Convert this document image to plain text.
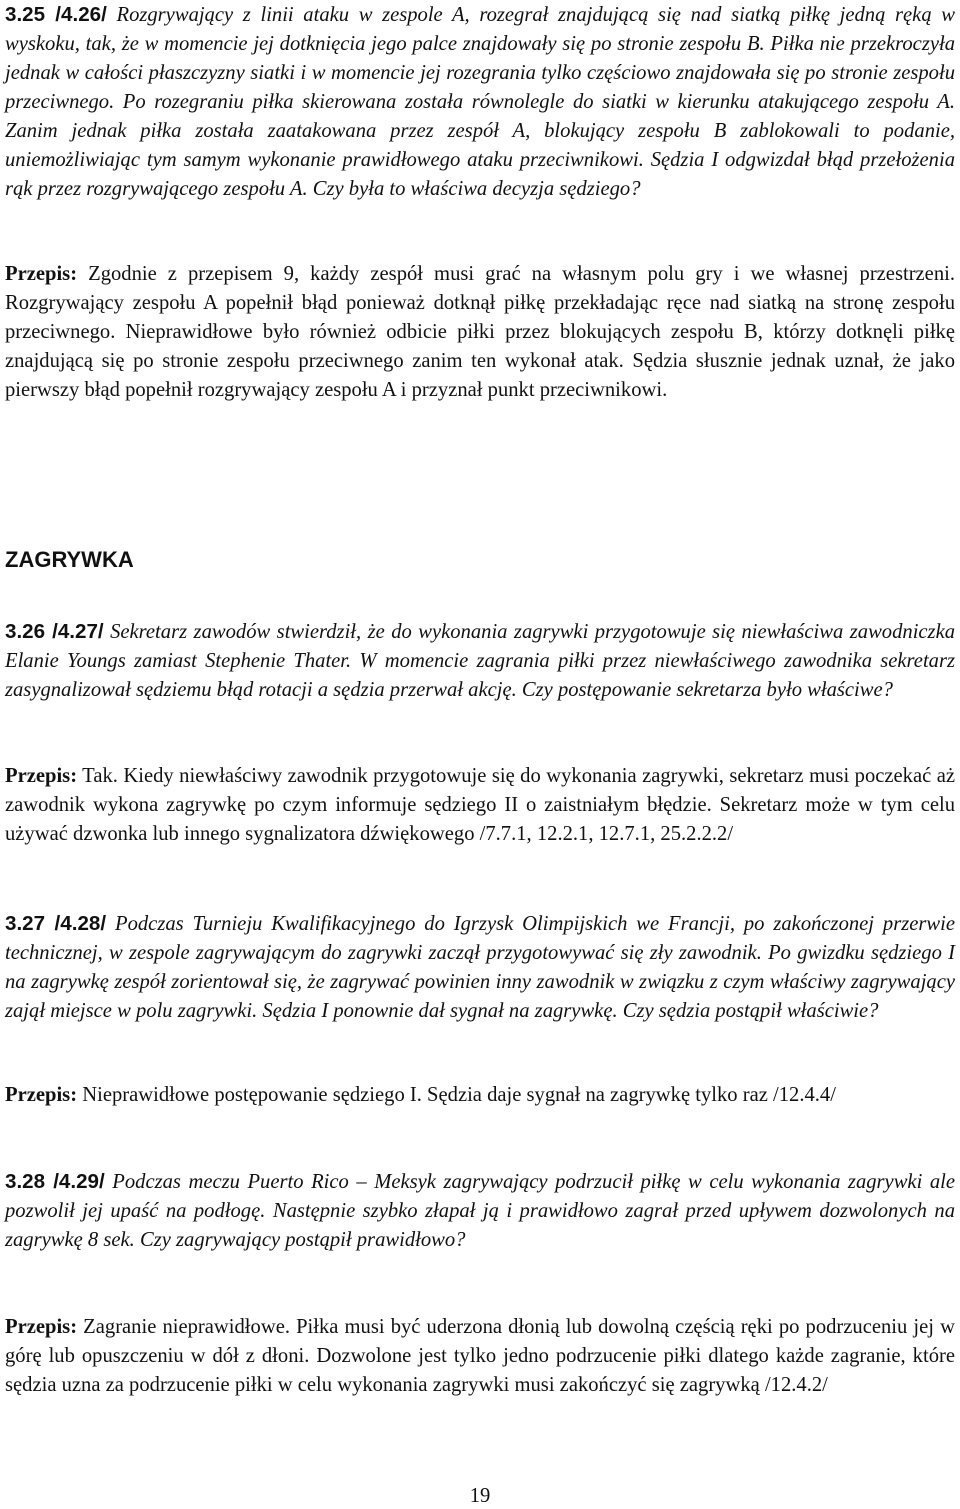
3.25 /4.26/ Rozgrywający z linii ataku w zespole A, rozegrał znajdującą się nad siatką piłkę jedną ręką w wyskoku, tak, że w momencie jej dotknięcia jego palce znajdowały się po stronie zespołu B. Piłka nie przekroczyła jednak w całości płaszczyzny siatki i w momencie jej rozegrania tylko częściowo znajdowała się po stronie zespołu przeciwnego. Po rozegraniu piłka skierowana została równolegle do siatki w kierunku atakującego zespołu A. Zanim jednak piłka została zaatakowana przez zespół A, blokujący zespołu B zablokowali to podanie, uniemożliwiając tym samym wykonanie prawidłowego ataku przeciwnikowi. Sędzia I odgwizdał błąd przełożenia rąk przez rozgrywającego zespołu A. Czy była to właściwa decyzja sędziego?

Przepis: Zgodnie z przepisem 9, każdy zespół musi grać na własnym polu gry i we własnej przestrzeni. Rozgrywający zespołu A popełnił błąd ponieważ dotknął piłkę przekładając ręce nad siatką na stronę zespołu przeciwnego. Nieprawidłowe było również odbicie piłki przez blokujących zespołu B, którzy dotknęli piłkę znajdującą się po stronie zespołu przeciwnego zanim ten wykonał atak. Sędzia słusznie jednak uznał, że jako pierwszy błąd popełnił rozgrywający zespołu A i przyznał punkt przeciwnikowi.

ZAGRYWKA

3.26 /4.27/ Sekretarz zawodów stwierdził, że do wykonania zagrywki przygotowuje się niewłaściwa zawodniczka Elanie Youngs zamiast Stephenie Thater. W momencie zagrania piłki przez niewłaściwego zawodnika sekretarz zasygnalizował sędziemu błąd rotacji a sędzia przerwał akcję. Czy postępowanie sekretarza było właściwe?

Przepis: Tak. Kiedy niewłaściwy zawodnik przygotowuje się do wykonania zagrywki, sekretarz musi poczekać aż zawodnik wykona zagrywkę po czym informuje sędziego II o zaistniałym błędzie. Sekretarz może w tym celu używać dzwonka lub innego sygnalizatora dźwiękowego /7.7.1, 12.2.1, 12.7.1, 25.2.2.2/

3.27 /4.28/ Podczas Turnieju Kwalifikacyjnego do Igrzysk Olimpijskich we Francji, po zakończonej przerwie technicznej, w zespole zagrywającym do zagrywki zaczął przygotowywać się zły zawodnik. Po gwizdku sędziego I na zagrywkę zespół zorientował się, że zagrywać powinien inny zawodnik w związku z czym właściwy zagrywający zajął miejsce w polu zagrywki. Sędzia I ponownie dał sygnał na zagrywkę. Czy sędzia postąpił właściwie?

Przepis: Nieprawidłowe postępowanie sędziego I. Sędzia daje sygnał na zagrywkę tylko raz /12.4.4/

3.28 /4.29/ Podczas meczu Puerto Rico – Meksyk zagrywający podrzucił piłkę w celu wykonania zagrywki ale pozwolił jej upaść na podłogę. Następnie szybko złapał ją i prawidłowo zagrał przed upływem dozwolonych na zagrywkę 8 sek. Czy zagrywający postąpił prawidłowo?

Przepis: Zagranie nieprawidłowe. Piłka musi być uderzona dłonią lub dowolną częścią ręki po podrzuceniu jej w górę lub opuszczeniu w dół z dłoni. Dozwolone jest tylko jedno podrzucenie piłki dlatego każde zagranie, które sędzia uzna za podrzucenie piłki w celu wykonania zagrywki musi zakończyć się zagrywką /12.4.2/

19
